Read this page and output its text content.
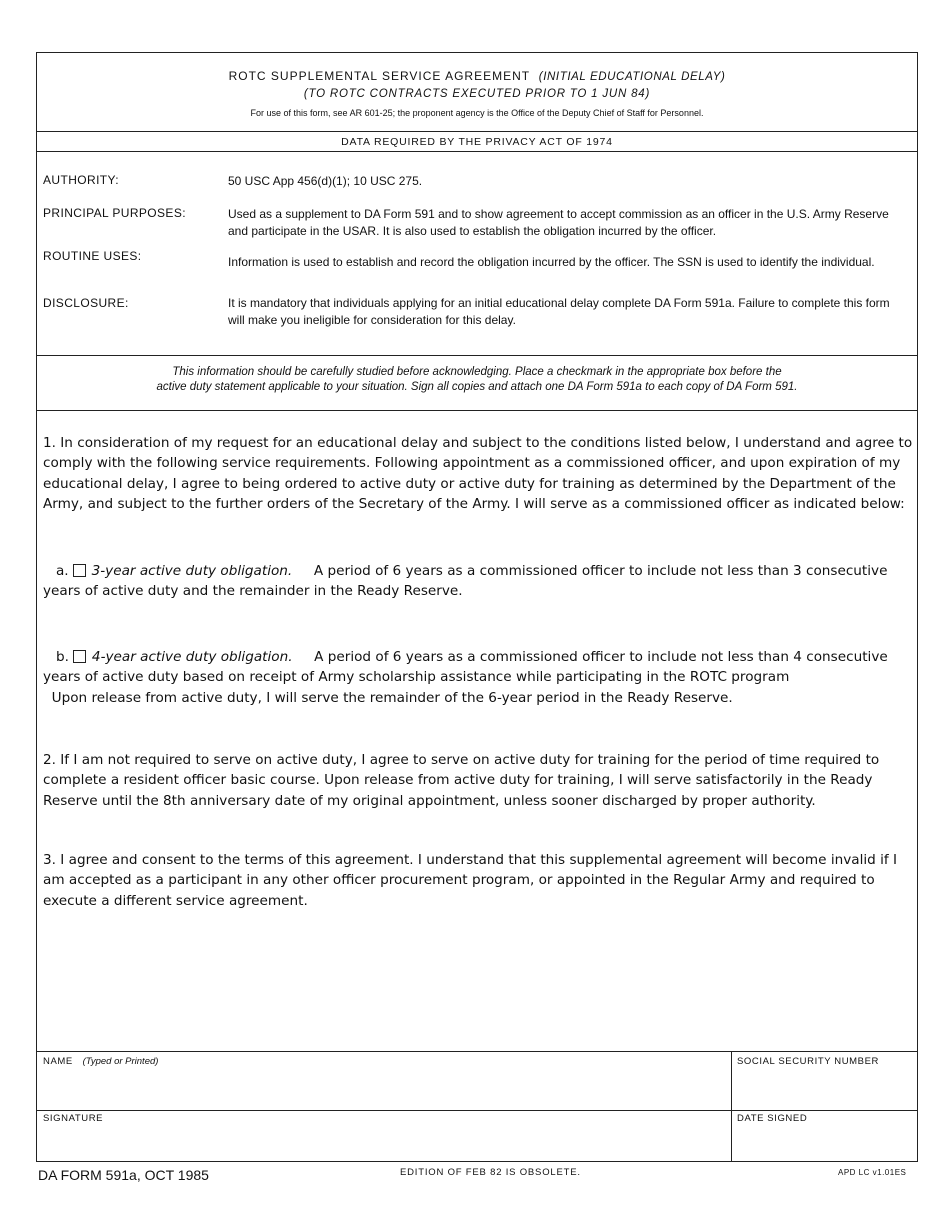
ROTC SUPPLEMENTAL SERVICE AGREEMENT (INITIAL EDUCATIONAL DELAY)
(TO ROTC CONTRACTS EXECUTED PRIOR TO 1 JUN 84)
For use of this form, see AR 601-25; the proponent agency is the Office of the Deputy Chief of Staff for Personnel.
DATA REQUIRED BY THE PRIVACY ACT OF 1974
AUTHORITY:	50 USC App 456(d)(1); 10 USC 275.
PRINCIPAL PURPOSES:	Used as a supplement to DA Form 591 and to show agreement to accept commission as an officer in the U.S. Army Reserve and participate in the USAR. It is also used to establish the obligation incurred by the officer.
ROUTINE USES:	Information is used to establish and record the obligation incurred by the officer. The SSN is used to identify the individual.
DISCLOSURE:	It is mandatory that individuals applying for an initial educational delay complete DA Form 591a. Failure to complete this form will make you ineligible for consideration for this delay.
This information should be carefully studied before acknowledging. Place a checkmark in the appropriate box before the
active duty statement applicable to your situation. Sign all copies and attach one DA Form 591a to each copy of DA Form 591.
1. In consideration of my request for an educational delay and subject to the conditions listed below, I understand and agree to comply with the following service requirements. Following appointment as a commissioned officer, and upon expiration of my educational delay, I agree to being ordered to active duty or active duty for training as determined by the Department of the Army, and subject to the further orders of the Secretary of the Army. I will serve as a commissioned officer as indicated below:
a. 3-year active duty obligation. A period of 6 years as a commissioned officer to include not less than 3 consecutive years of active duty and the remainder in the Ready Reserve.
b. 4-year active duty obligation. A period of 6 years as a commissioned officer to include not less than 4 consecutive years of active duty based on receipt of Army scholarship assistance while participating in the ROTC program
Upon release from active duty, I will serve the remainder of the 6-year period in the Ready Reserve.
2. If I am not required to serve on active duty, I agree to serve on active duty for training for the period of time required to complete a resident officer basic course. Upon release from active duty for training, I will serve satisfactorily in the Ready Reserve until the 8th anniversary date of my original appointment, unless sooner discharged by proper authority.
3. I agree and consent to the terms of this agreement. I understand that this supplemental agreement will become invalid if I am accepted as a participant in any other officer procurement program, or appointed in the Regular Army and required to execute a different service agreement.
NAME (Typed or Printed)	SOCIAL SECURITY NUMBER
SIGNATURE	DATE SIGNED
DA FORM 591a, OCT 1985	EDITION OF FEB 82 IS OBSOLETE.	APD LC v1.01ES
